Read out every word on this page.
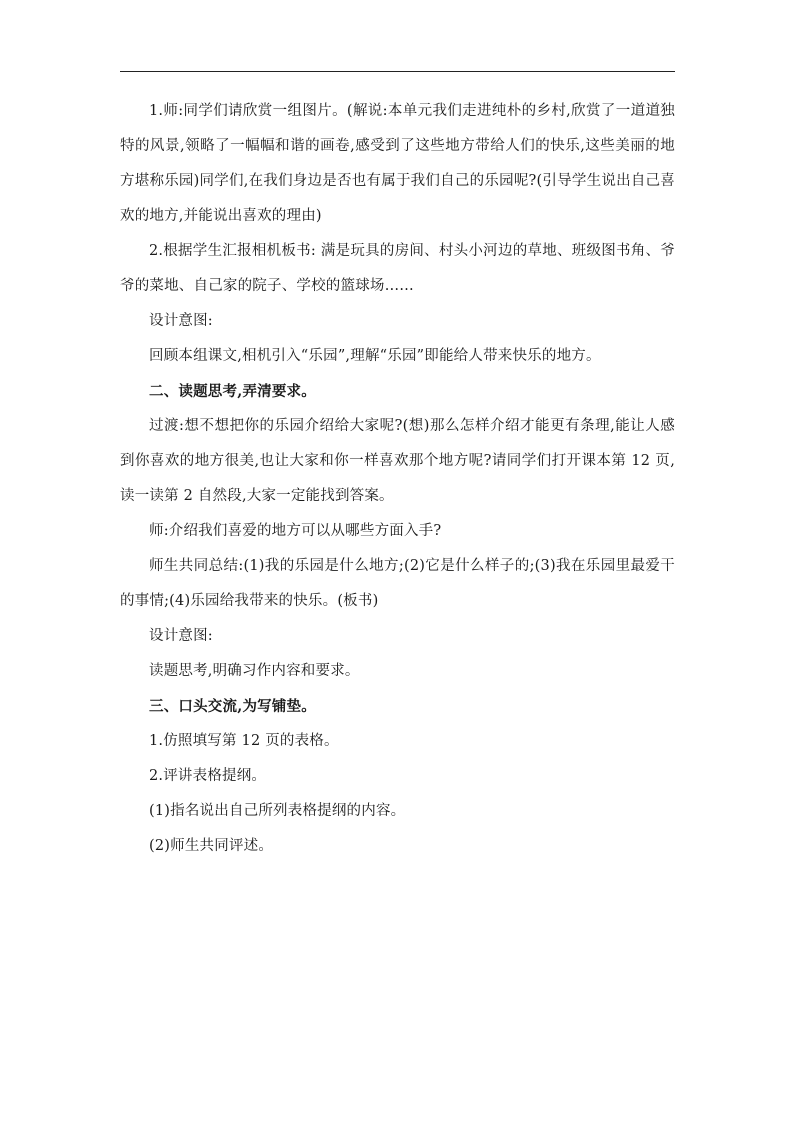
1.师:同学们请欣赏一组图片。(解说:本单元我们走进纯朴的乡村,欣赏了一道道独特的风景,领略了一幅幅和谐的画卷,感受到了这些地方带给人们的快乐,这些美丽的地方堪称乐园)同学们,在我们身边是否也有属于我们自己的乐园呢?(引导学生说出自己喜欢的地方,并能说出喜欢的理由)

2.根据学生汇报相机板书: 满是玩具的房间、村头小河边的草地、班级图书角、爷爷的菜地、自己家的院子、学校的篮球场……

设计意图:

回顾本组课文,相机引入“乐园”,理解“乐园”即能给人带来快乐的地方。

二、读题思考,弄清要求。

过渡:想不想把你的乐园介绍给大家呢?(想)那么怎样介绍才能更有条理,能让人感到你喜欢的地方很美,也让大家和你一样喜欢那个地方呢?请同学们打开课本第 12 页,读一读第 2 自然段,大家一定能找到答案。

师:介绍我们喜爱的地方可以从哪些方面入手?

师生共同总结:(1)我的乐园是什么地方;(2)它是什么样子的;(3)我在乐园里最爱干的事情;(4)乐园给我带来的快乐。(板书)

设计意图:

读题思考,明确习作内容和要求。

三、口头交流,为写铺垫。

1.仿照填写第 12 页的表格。

2.评讲表格提纲。

(1)指名说出自己所列表格提纲的内容。

(2)师生共同评述。
